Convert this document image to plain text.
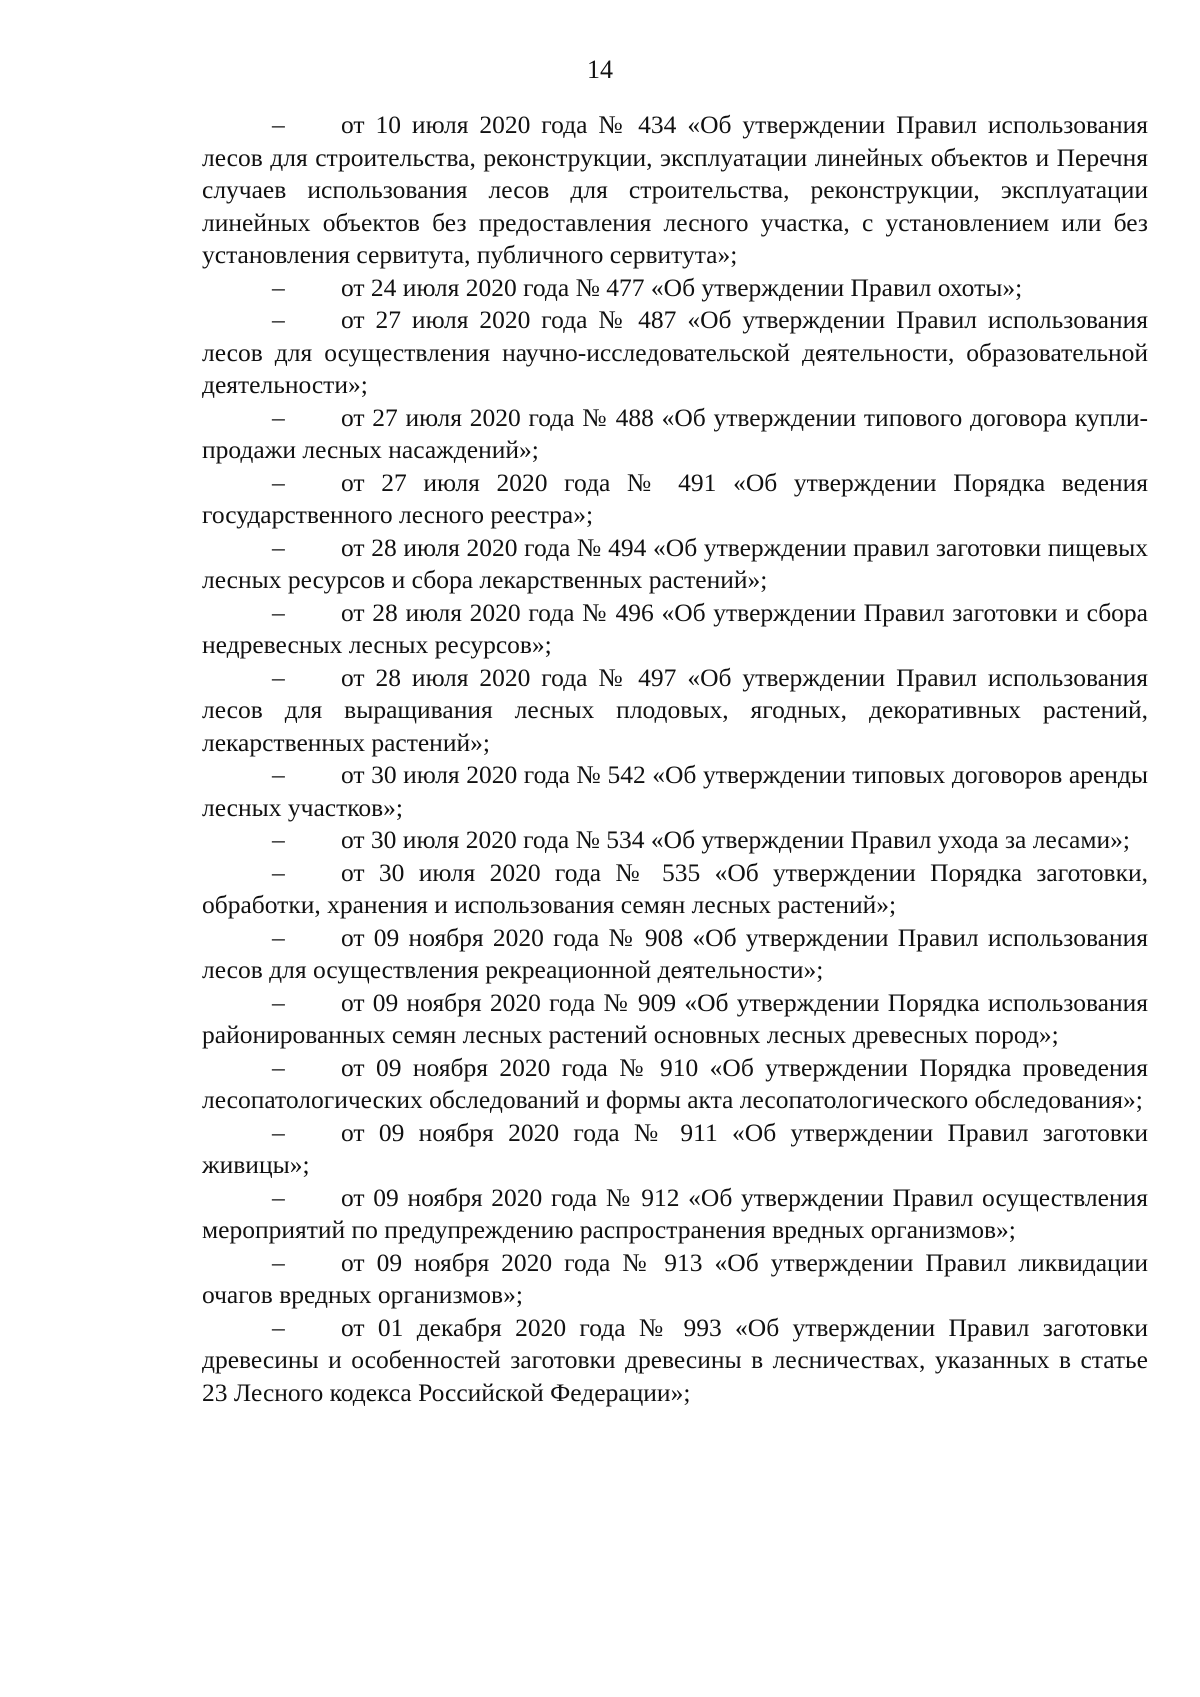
14
– от 10 июля 2020 года № 434 «Об утверждении Правил использования лесов для строительства, реконструкции, эксплуатации линейных объектов и Перечня случаев использования лесов для строительства, реконструкции, эксплуатации линейных объектов без предоставления лесного участка, с установлением или без установления сервитута, публичного сервитута»;
– от 24 июля 2020 года № 477 «Об утверждении Правил охоты»;
– от 27 июля 2020 года № 487 «Об утверждении Правил использования лесов для осуществления научно-исследовательской деятельности, образовательной деятельности»;
– от 27 июля 2020 года № 488 «Об утверждении типового договора купли-продажи лесных насаждений»;
– от 27 июля 2020 года № 491 «Об утверждении Порядка ведения государственного лесного реестра»;
– от 28 июля 2020 года № 494 «Об утверждении правил заготовки пищевых лесных ресурсов и сбора лекарственных растений»;
– от 28 июля 2020 года № 496 «Об утверждении Правил заготовки и сбора недревесных лесных ресурсов»;
– от 28 июля 2020 года № 497 «Об утверждении Правил использования лесов для выращивания лесных плодовых, ягодных, декоративных растений, лекарственных растений»;
– от 30 июля 2020 года № 542 «Об утверждении типовых договоров аренды лесных участков»;
– от 30 июля 2020 года № 534 «Об утверждении Правил ухода за лесами»;
– от 30 июля 2020 года № 535 «Об утверждении Порядка заготовки, обработки, хранения и использования семян лесных растений»;
– от 09 ноября 2020 года № 908 «Об утверждении Правил использования лесов для осуществления рекреационной деятельности»;
– от 09 ноября 2020 года № 909 «Об утверждении Порядка использования районированных семян лесных растений основных лесных древесных пород»;
– от 09 ноября 2020 года № 910 «Об утверждении Порядка проведения лесопатологических обследований и формы акта лесопатологического обследования»;
– от 09 ноября 2020 года № 911 «Об утверждении Правил заготовки живицы»;
– от 09 ноября 2020 года № 912 «Об утверждении Правил осуществления мероприятий по предупреждению распространения вредных организмов»;
– от 09 ноября 2020 года № 913 «Об утверждении Правил ликвидации очагов вредных организмов»;
– от 01 декабря 2020 года № 993 «Об утверждении Правил заготовки древесины и особенностей заготовки древесины в лесничествах, указанных в статье 23 Лесного кодекса Российской Федерации»;
